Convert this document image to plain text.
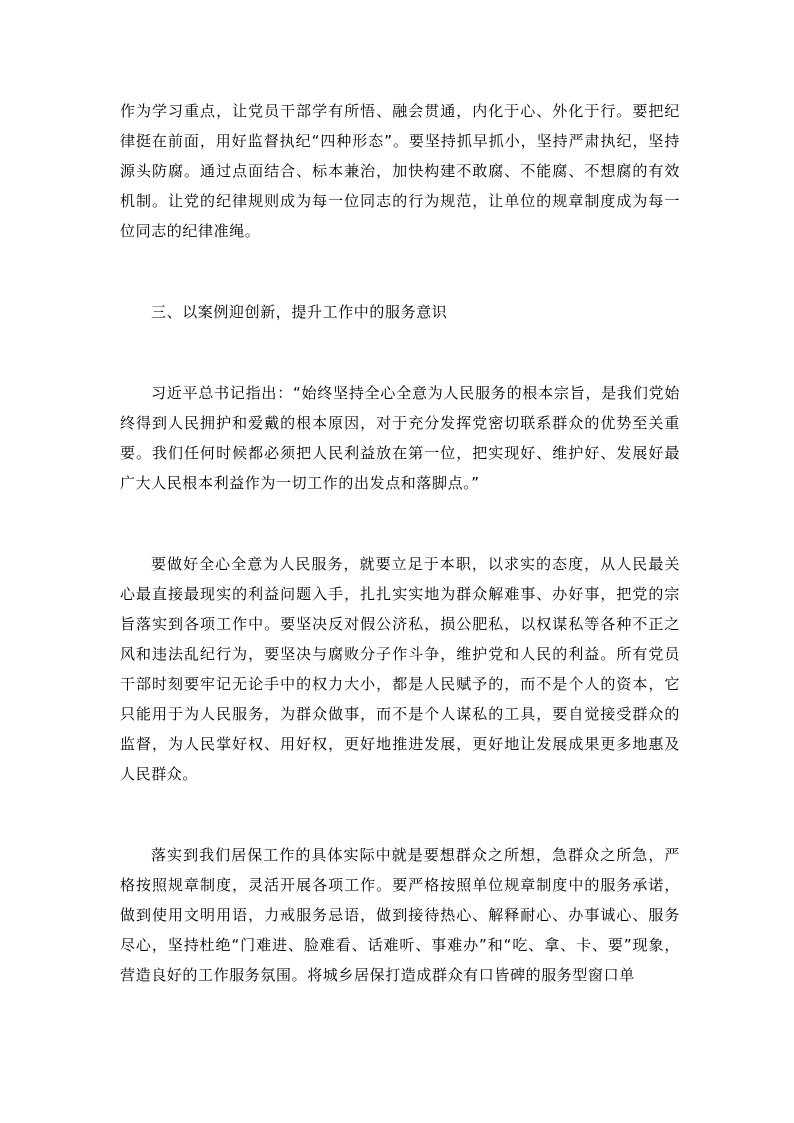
作为学习重点，让党员干部学有所悟、融会贯通，内化于心、外化于行。要把纪律挺在前面，用好监督执纪“四种形态”。要坚持抓早抓小，坚持严肃执纪，坚持源头防腐。通过点面结合、标本兼治，加快构建不敢腐、不能腐、不想腐的有效机制。让党的纪律规则成为每一位同志的行为规范，让单位的规章制度成为每一位同志的纪律准绳。

三、以案例迎创新，提升工作中的服务意识

习近平总书记指出：“始终坚持全心全意为人民服务的根本宗旨，是我们党始终得到人民拥护和爱戴的根本原因，对于充分发挥党密切联系群众的优势至关重要。我们任何时候都必须把人民利益放在第一位，把实现好、维护好、发展好最广大人民根本利益作为一切工作的出发点和落脚点。”

要做好全心全意为人民服务，就要立足于本职，以求实的态度，从人民最关心最直接最现实的利益问题入手，扎扎实实地为群众解难事、办好事，把党的宗旨落实到各项工作中。要坚决反对假公济私，损公肥私，以权谋私等各种不正之风和违法乱纪行为，要坚决与腐败分子作斗争，维护党和人民的利益。所有党员干部时刻要牢记无论手中的权力大小，都是人民赋予的，而不是个人的资本，它只能用于为人民服务，为群众做事，而不是个人谋私的工具，要自觉接受群众的监督，为人民掌好权、用好权，更好地推进发展，更好地让发展成果更多地惠及人民群众。

落实到我们居保工作的具体实际中就是要想群众之所想，急群众之所急，严格按照规章制度，灵活开展各项工作。要严格按照单位规章制度中的服务承诺，做到使用文明用语，力戒服务忌语，做到接待热心、解释耐心、办事诚心、服务尽心，坚持杜绝“门难进、脸难看、话难听、事难办”和“吃、拿、卡、要”现象，营造良好的工作服务氛围。将城乡居保打造成群众有口皆碑的服务型窗口单
